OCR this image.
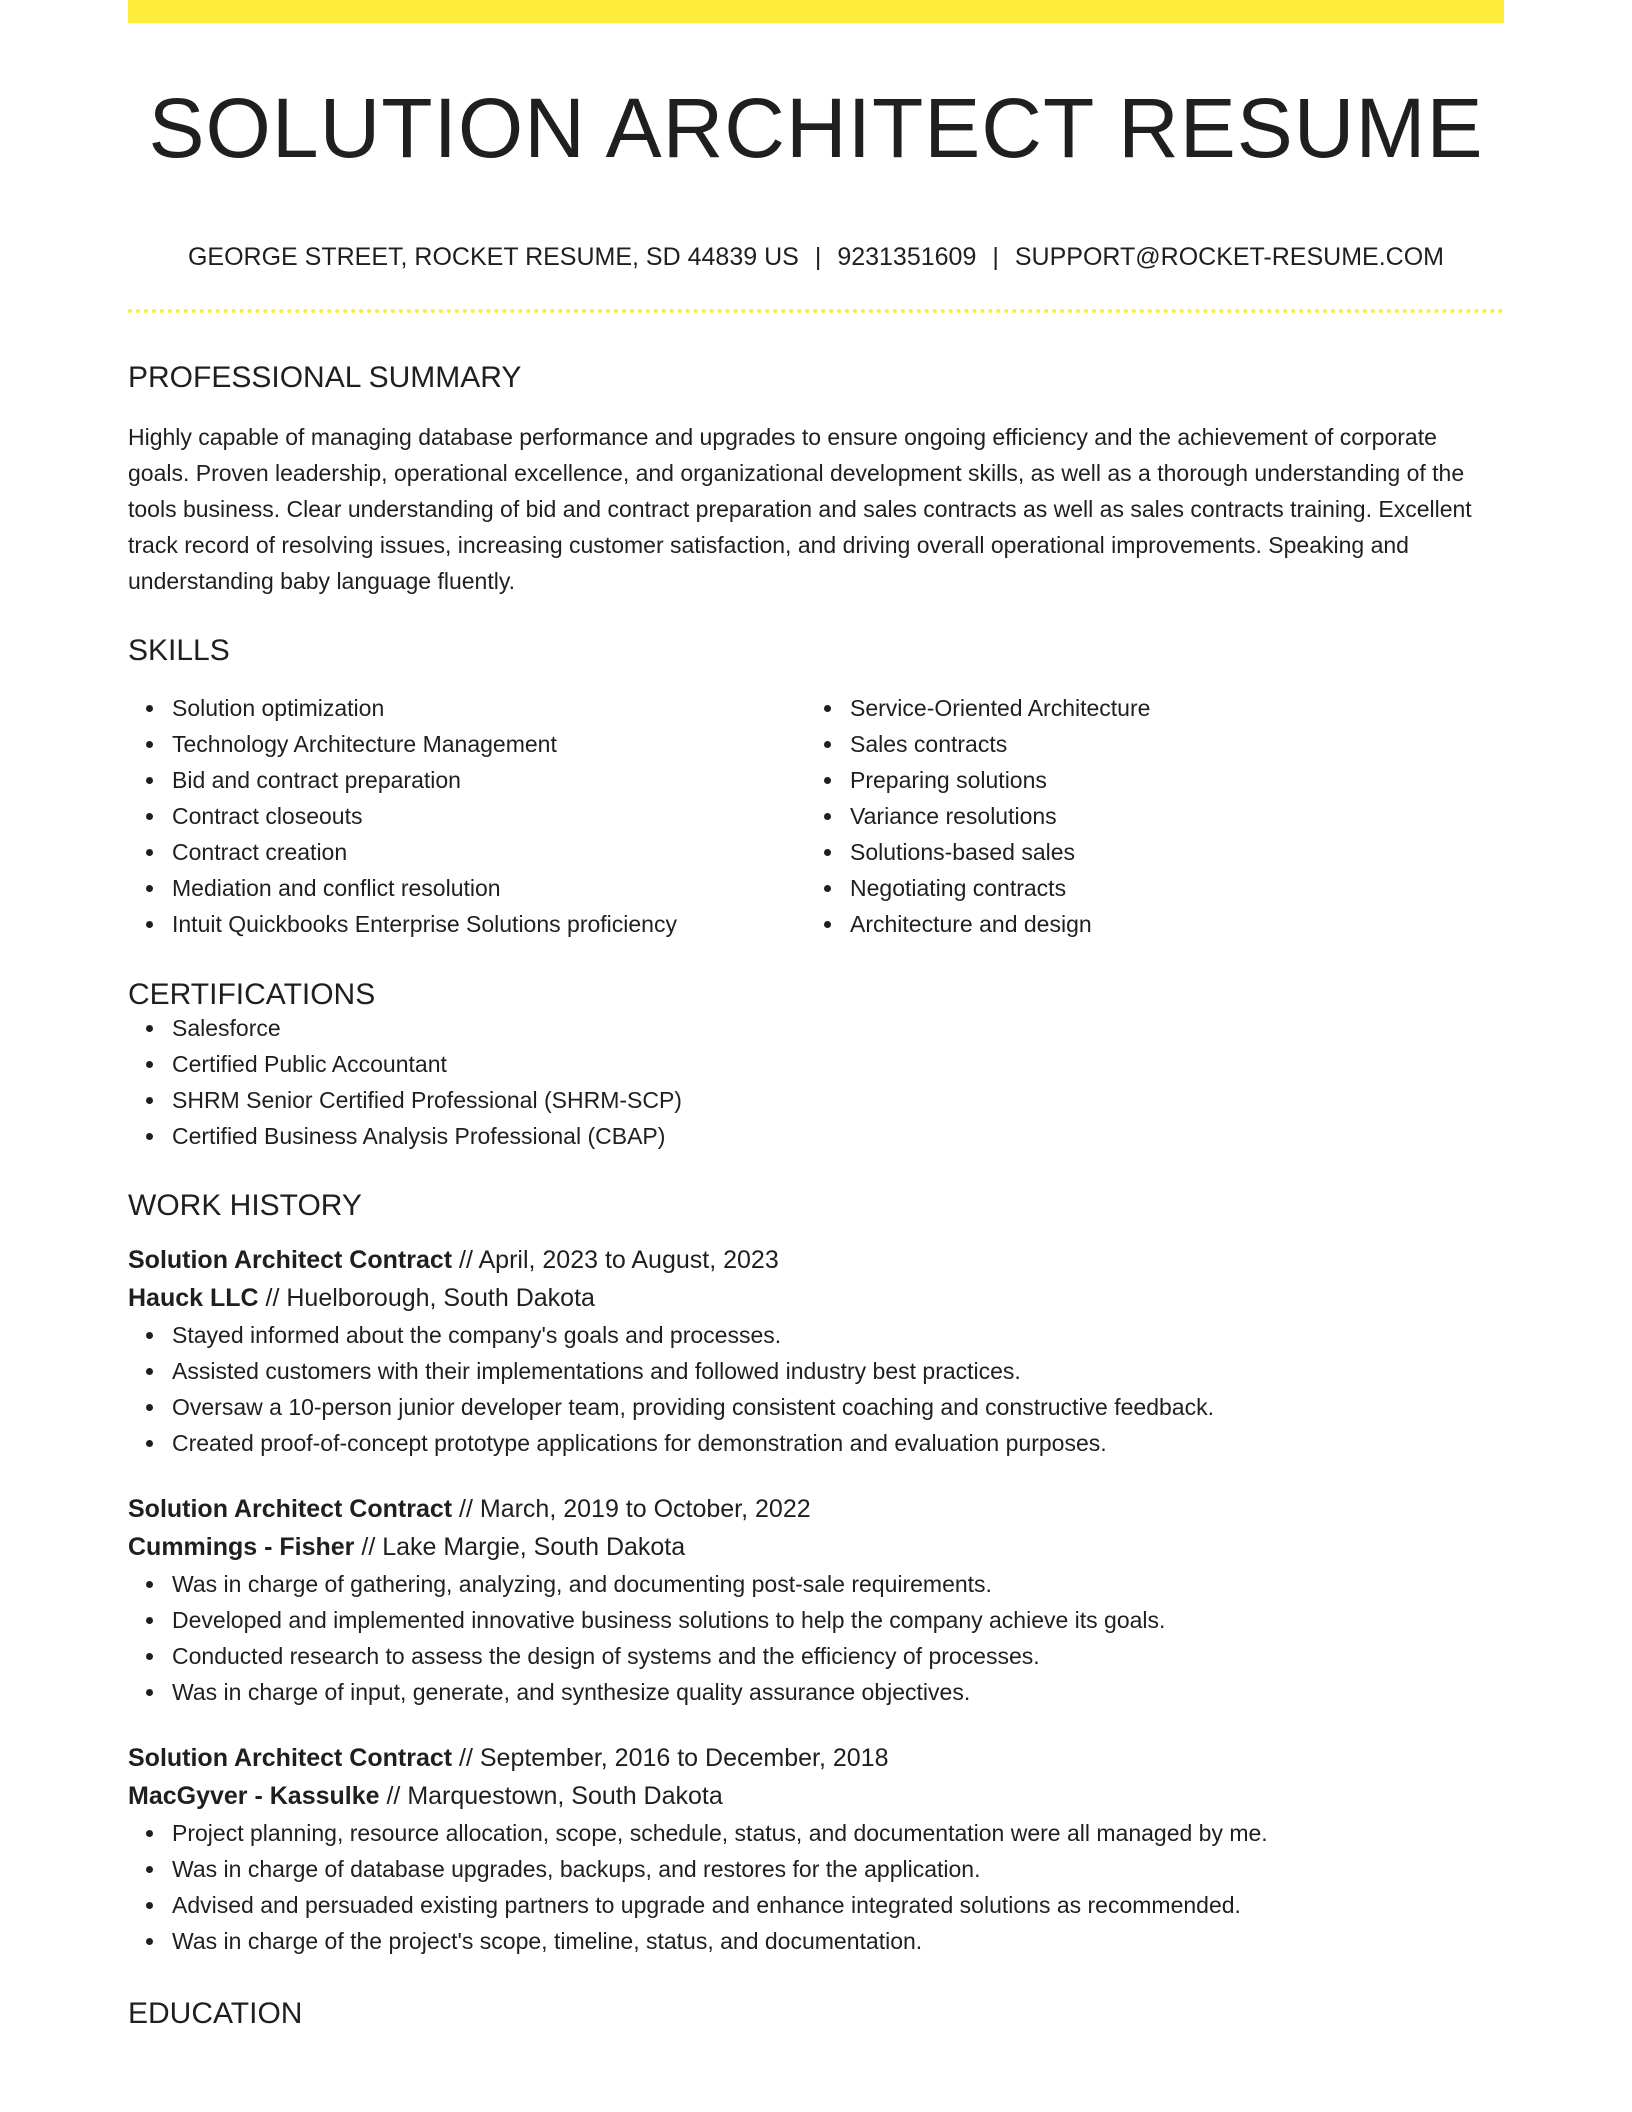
SOLUTION ARCHITECT RESUME
GEORGE STREET, ROCKET RESUME, SD 44839 US | 9231351609 | SUPPORT@ROCKET-RESUME.COM
PROFESSIONAL SUMMARY

Highly capable of managing database performance and upgrades to ensure ongoing efficiency and the achievement of corporate goals. Proven leadership, operational excellence, and organizational development skills, as well as a thorough understanding of the tools business. Clear understanding of bid and contract preparation and sales contracts as well as sales contracts training. Excellent track record of resolving issues, increasing customer satisfaction, and driving overall operational improvements. Speaking and understanding baby language fluently.

SKILLS
Solution optimization
Technology Architecture Management
Bid and contract preparation
Contract closeouts
Contract creation
Mediation and conflict resolution
Intuit Quickbooks Enterprise Solutions proficiency
Service-Oriented Architecture
Sales contracts
Preparing solutions
Variance resolutions
Solutions-based sales
Negotiating contracts
Architecture and design
CERTIFICATIONS
Salesforce
Certified Public Accountant
SHRM Senior Certified Professional (SHRM-SCP)
Certified Business Analysis Professional (CBAP)
WORK HISTORY
Solution Architect Contract // April, 2023 to August, 2023
Hauck LLC // Huelborough, South Dakota
Stayed informed about the company's goals and processes.
Assisted customers with their implementations and followed industry best practices.
Oversaw a 10-person junior developer team, providing consistent coaching and constructive feedback.
Created proof-of-concept prototype applications for demonstration and evaluation purposes.
Solution Architect Contract // March, 2019 to October, 2022
Cummings - Fisher // Lake Margie, South Dakota
Was in charge of gathering, analyzing, and documenting post-sale requirements.
Developed and implemented innovative business solutions to help the company achieve its goals.
Conducted research to assess the design of systems and the efficiency of processes.
Was in charge of input, generate, and synthesize quality assurance objectives.
Solution Architect Contract // September, 2016 to December, 2018
MacGyver - Kassulke // Marquestown, South Dakota
Project planning, resource allocation, scope, schedule, status, and documentation were all managed by me.
Was in charge of database upgrades, backups, and restores for the application.
Advised and persuaded existing partners to upgrade and enhance integrated solutions as recommended.
Was in charge of the project's scope, timeline, status, and documentation.
EDUCATION
